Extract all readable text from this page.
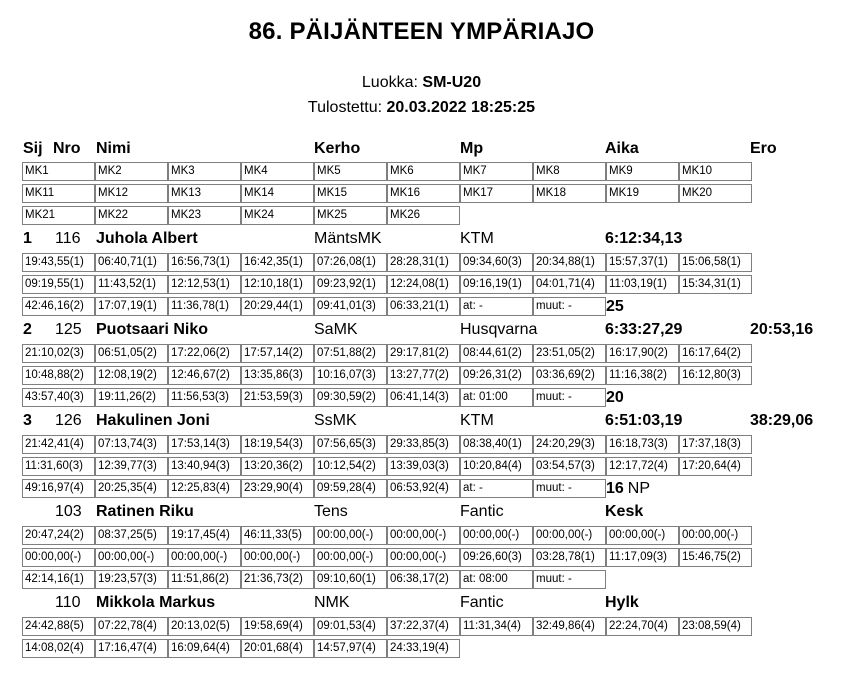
86. PÄIJÄNTEEN YMPÄRIAJO
Luokka: SM-U20
Tulostettu: 20.03.2022 18:25:25
Sij Nro Nimi	Kerho	Mp	Aika	Ero
MK1	MK2	MK3	MK4	MK5	MK6	MK7	MK8	MK9	MK10
MK11	MK12	MK13	MK14	MK15	MK16	MK17	MK18	MK19	MK20
MK21	MK22	MK23	MK24	MK25	MK26
1 116 Juhola Albert	MäntsMK	KTM	6:12:34,13
19:43,55(1)	06:40,71(1)	16:56,73(1)	16:42,35(1)	07:26,08(1)	28:28,31(1)	09:34,60(3)	20:34,88(1)	15:57,37(1)	15:06,58(1)
09:19,55(1)	11:43,52(1)	12:12,53(1)	12:10,18(1)	09:23,92(1)	12:24,08(1)	09:16,19(1)	04:01,71(4)	11:03,19(1)	15:34,31(1)
42:46,16(2)	17:07,19(1)	11:36,78(1)	20:29,44(1)	09:41,01(3)	06:33,21(1)	at: -	muut: -	25
2 125 Puotsaari Niko	SaMK	Husqvarna	6:33:27,29	20:53,16
21:10,02(3)	06:51,05(2)	17:22,06(2)	17:57,14(2)	07:51,88(2)	29:17,81(2)	08:44,61(2)	23:51,05(2)	16:17,90(2)	16:17,64(2)
10:48,88(2)	12:08,19(2)	12:46,67(2)	13:35,86(3)	10:16,07(3)	13:27,77(2)	09:26,31(2)	03:36,69(2)	11:16,38(2)	16:12,80(3)
43:57,40(3)	19:11,26(2)	11:56,53(3)	21:53,59(3)	09:30,59(2)	06:41,14(3)	at: 01:00	muut: -	20
3 126 Hakulinen Joni	SsMK	KTM	6:51:03,19	38:29,06
21:42,41(4)	07:13,74(3)	17:53,14(3)	18:19,54(3)	07:56,65(3)	29:33,85(3)	08:38,40(1)	24:20,29(3)	16:18,73(3)	17:37,18(3)
11:31,60(3)	12:39,77(3)	13:40,94(3)	13:20,36(2)	10:12,54(2)	13:39,03(3)	10:20,84(4)	03:54,57(3)	12:17,72(4)	17:20,64(4)
49:16,97(4)	20:25,35(4)	12:25,83(4)	23:29,90(4)	09:59,28(4)	06:53,92(4)	at: -	muut: -	16 NP
103 Ratinen Riku	Tens	Fantic	Kesk
20:47,24(2)	08:37,25(5)	19:17,45(4)	46:11,33(5)	00:00,00(-)	00:00,00(-)	00:00,00(-)	00:00,00(-)	00:00,00(-)	00:00,00(-)
00:00,00(-)	00:00,00(-)	00:00,00(-)	00:00,00(-)	00:00,00(-)	00:00,00(-)	09:26,60(3)	03:28,78(1)	11:17,09(3)	15:46,75(2)
42:14,16(1)	19:23,57(3)	11:51,86(2)	21:36,73(2)	09:10,60(1)	06:38,17(2)	at: 08:00	muut: -
110 Mikkola Markus	NMK	Fantic	Hylk
24:42,88(5)	07:22,78(4)	20:13,02(5)	19:58,69(4)	09:01,53(4)	37:22,37(4)	11:31,34(4)	32:49,86(4)	22:24,70(4)	23:08,59(4)
14:08,02(4)	17:16,47(4)	16:09,64(4)	20:01,68(4)	14:57,97(4)	24:33,19(4)
